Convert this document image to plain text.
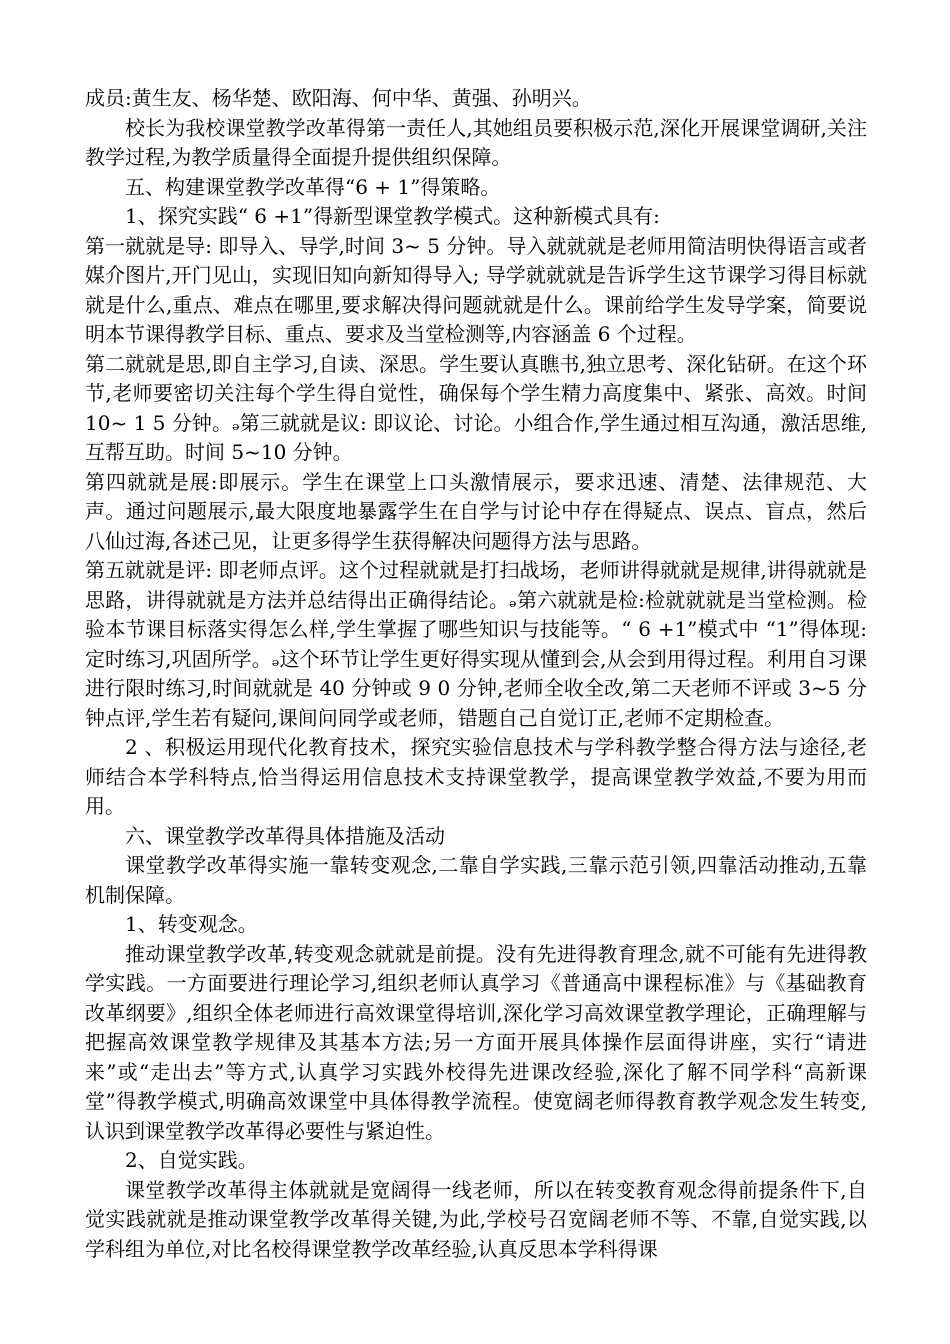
成员:黄生友、杨华楚、欧阳海、何中华、黄强、孙明兴。

校长为我校课堂教学改革得第一责任人,其她组员要积极示范,深化开展课堂调研,关注教学过程,为教学质量得全面提升提供组织保障。

五、构建课堂教学改革得“6 + 1”得策略。

1、探究实践“ 6 +1”得新型课堂教学模式。这种新模式具有:

第一就就是导: 即导入、导学,时间 3~ 5 分钟。导入就就就是老师用简洁明快得语言或者媒介图片,开门见山，实现旧知向新知得导入; 导学就就就是告诉学生这节课学习得目标就就是什么,重点、难点在哪里,要求解决得问题就就是什么。课前给学生发导学案，简要说明本节课得教学目标、重点、要求及当堂检测等,内容涵盖 6 个过程。

第二就就是思,即自主学习,自读、深思。学生要认真瞧书,独立思考、深化钻研。在这个环节,老师要密切关注每个学生得自觉性，确保每个学生精力高度集中、紧张、高效。时间 10~ 1 5 分钟。ₔ第三就就是议: 即议论、讨论。小组合作,学生通过相互沟通，激活思维,互帮互助。时间 5~10 分钟。

第四就就是展:即展示。学生在课堂上口头激情展示，要求迅速、清楚、法律规范、大声。通过问题展示,最大限度地暴露学生在自学与讨论中存在得疑点、误点、盲点，然后八仙过海,各述己见，让更多得学生获得解决问题得方法与思路。

第五就就是评: 即老师点评。这个过程就就是打扫战场，老师讲得就就是规律,讲得就就是思路，讲得就就是方法并总结得出正确得结论。ₔ第六就就是检:检就就就是当堂检测。检验本节课目标落实得怎么样,学生掌握了哪些知识与技能等。“ 6 +1”模式中 “1”得体现: 定时练习,巩固所学。ₔ这个环节让学生更好得实现从懂到会,从会到用得过程。利用自习课进行限时练习,时间就就是 40 分钟或 9 0 分钟,老师全收全改,第二天老师不评或 3~5 分钟点评,学生若有疑问,课间问同学或老师，错题自己自觉订正,老师不定期检查。

2 、积极运用现代化教育技术，探究实验信息技术与学科教学整合得方法与途径,老师结合本学科特点,恰当得运用信息技术支持课堂教学，提高课堂教学效益,不要为用而用。

六、课堂教学改革得具体措施及活动

课堂教学改革得实施一靠转变观念,二靠自学实践,三靠示范引领,四靠活动推动,五靠机制保障。

1、转变观念。

推动课堂教学改革,转变观念就就是前提。没有先进得教育理念,就不可能有先进得教学实践。一方面要进行理论学习,组织老师认真学习《普通高中课程标准》与《基础教育改革纲要》,组织全体老师进行高效课堂得培训,深化学习高效课堂教学理论，正确理解与把握高效课堂教学规律及其基本方法;另一方面开展具体操作层面得讲座，实行“请进来”或“走出去”等方式,认真学习实践外校得先进课改经验,深化了解不同学科“高新课堂”得教学模式,明确高效课堂中具体得教学流程。使宽阔老师得教育教学观念发生转变,认识到课堂教学改革得必要性与紧迫性。

2、自觉实践。

课堂教学改革得主体就就是宽阔得一线老师，所以在转变教育观念得前提条件下,自觉实践就就是推动课堂教学改革得关键,为此,学校号召宽阔老师不等、不靠,自觉实践,以学科组为单位,对比名校得课堂教学改革经验,认真反思本学科得课
